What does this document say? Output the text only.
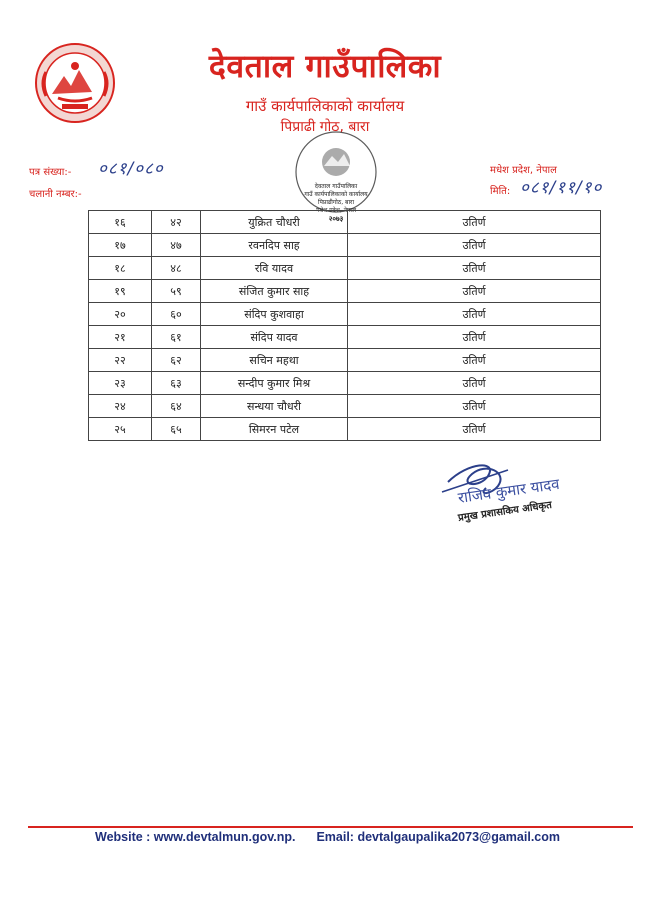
देवताल गाउँपालिका
गाउँ कार्यपालिकाको कार्यालय
पिप्राढी गोठ, बारा
पत्र संख्या:- ०८१/०८०
चलानी नम्बर:-
मधेश प्रदेश, नेपाल
मिति: ०८१/११/१०
देवताल गाउँपालिका
गाउँ कार्यपालिकाको कार्यालय
पिप्राढीगोठ, बारा
मधेश प्रदेश, नेपाल
२०७३
१६	४२	युक्रित चौधरी	उतिर्ण
१७	४७	रवनदिप साह	उतिर्ण
१८	४८	रवि यादव	उतिर्ण
१९	५९	संजित कुमार साह	उतिर्ण
२०	६०	संदिप कुशवाहा	उतिर्ण
२१	६१	संदिप यादव	उतिर्ण
२२	६२	सचिन महथा	उतिर्ण
२३	६३	सन्दीप कुमार मिश्र	उतिर्ण
२४	६४	सन्धया चौधरी	उतिर्ण
२५	६५	सिमरन पटेल	उतिर्ण
राजिव कुमार यादव
प्रमुख प्रशासकिय अधिकृत
Website : www.devtalmun.gov.np. Email: devtalgaupalika2073@gamail.com
